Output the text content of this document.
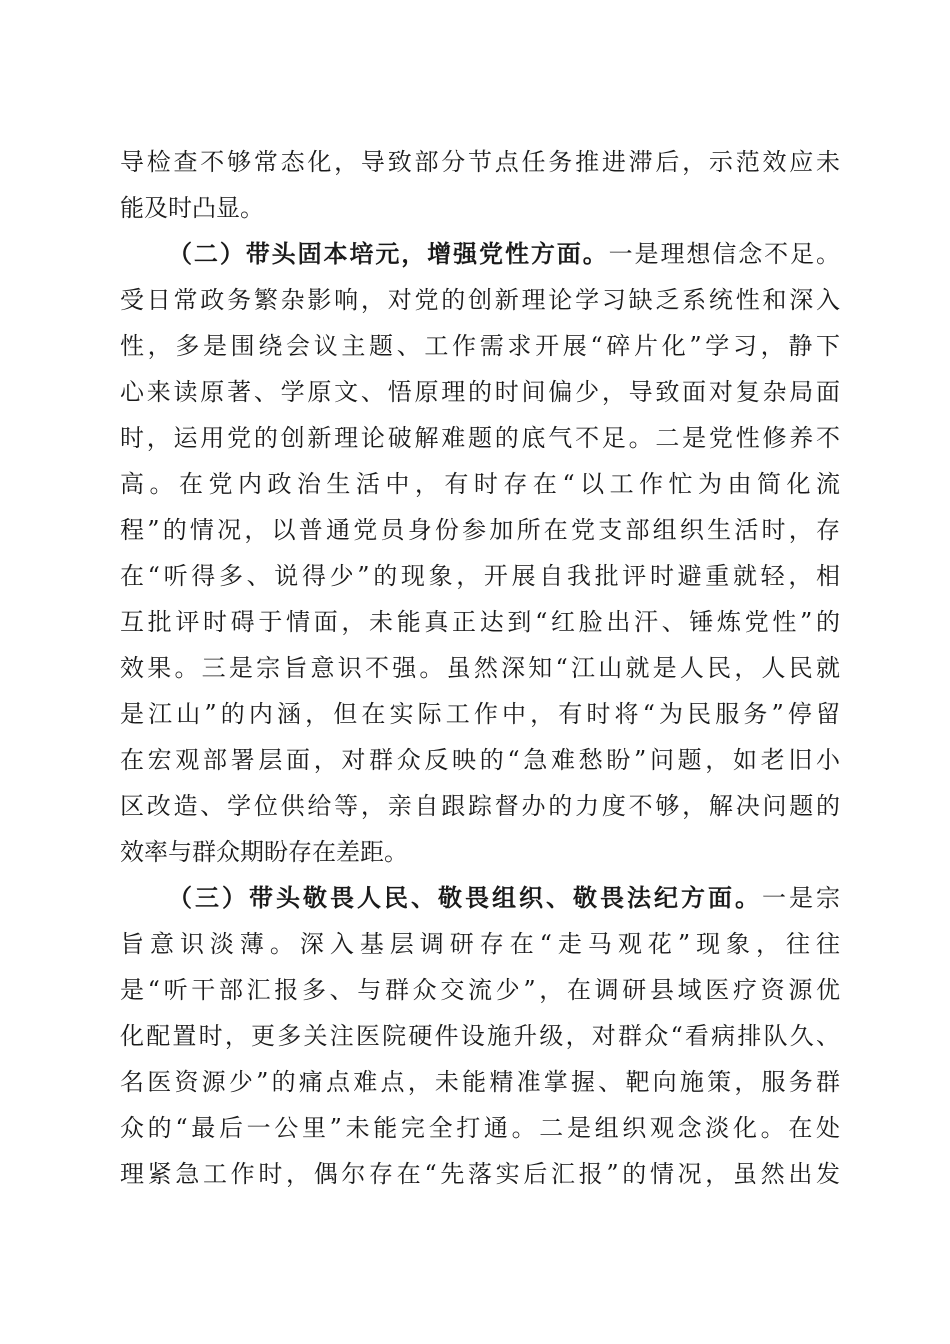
导检查不够常态化，导致部分节点任务推进滞后，示范效应未
能及时凸显。
（二）带头固本培元，增强党性方面。一是理想信念不足。
受日常政务繁杂影响，对党的创新理论学习缺乏系统性和深入
性，多是围绕会议主题、工作需求开展“碎片化”学习，静下
心来读原著、学原文、悟原理的时间偏少，导致面对复杂局面
时，运用党的创新理论破解难题的底气不足。二是党性修养不
高。在党内政治生活中，有时存在“以工作忙为由简化流
程”的情况，以普通党员身份参加所在党支部组织生活时，存
在“听得多、说得少”的现象，开展自我批评时避重就轻，相
互批评时碍于情面，未能真正达到“红脸出汗、锤炼党性”的
效果。三是宗旨意识不强。虽然深知“江山就是人民，人民就
是江山”的内涵，但在实际工作中，有时将“为民服务”停留
在宏观部署层面，对群众反映的“急难愁盼”问题，如老旧小
区改造、学位供给等，亲自跟踪督办的力度不够，解决问题的
效率与群众期盼存在差距。
（三）带头敬畏人民、敬畏组织、敬畏法纪方面。一是宗
旨意识淡薄。深入基层调研存在“走马观花”现象，往往
是“听干部汇报多、与群众交流少”，在调研县域医疗资源优
化配置时，更多关注医院硬件设施升级，对群众“看病排队久、
名医资源少”的痛点难点，未能精准掌握、靶向施策，服务群
众的“最后一公里”未能完全打通。二是组织观念淡化。在处
理紧急工作时，偶尔存在“先落实后汇报”的情况，虽然出发
